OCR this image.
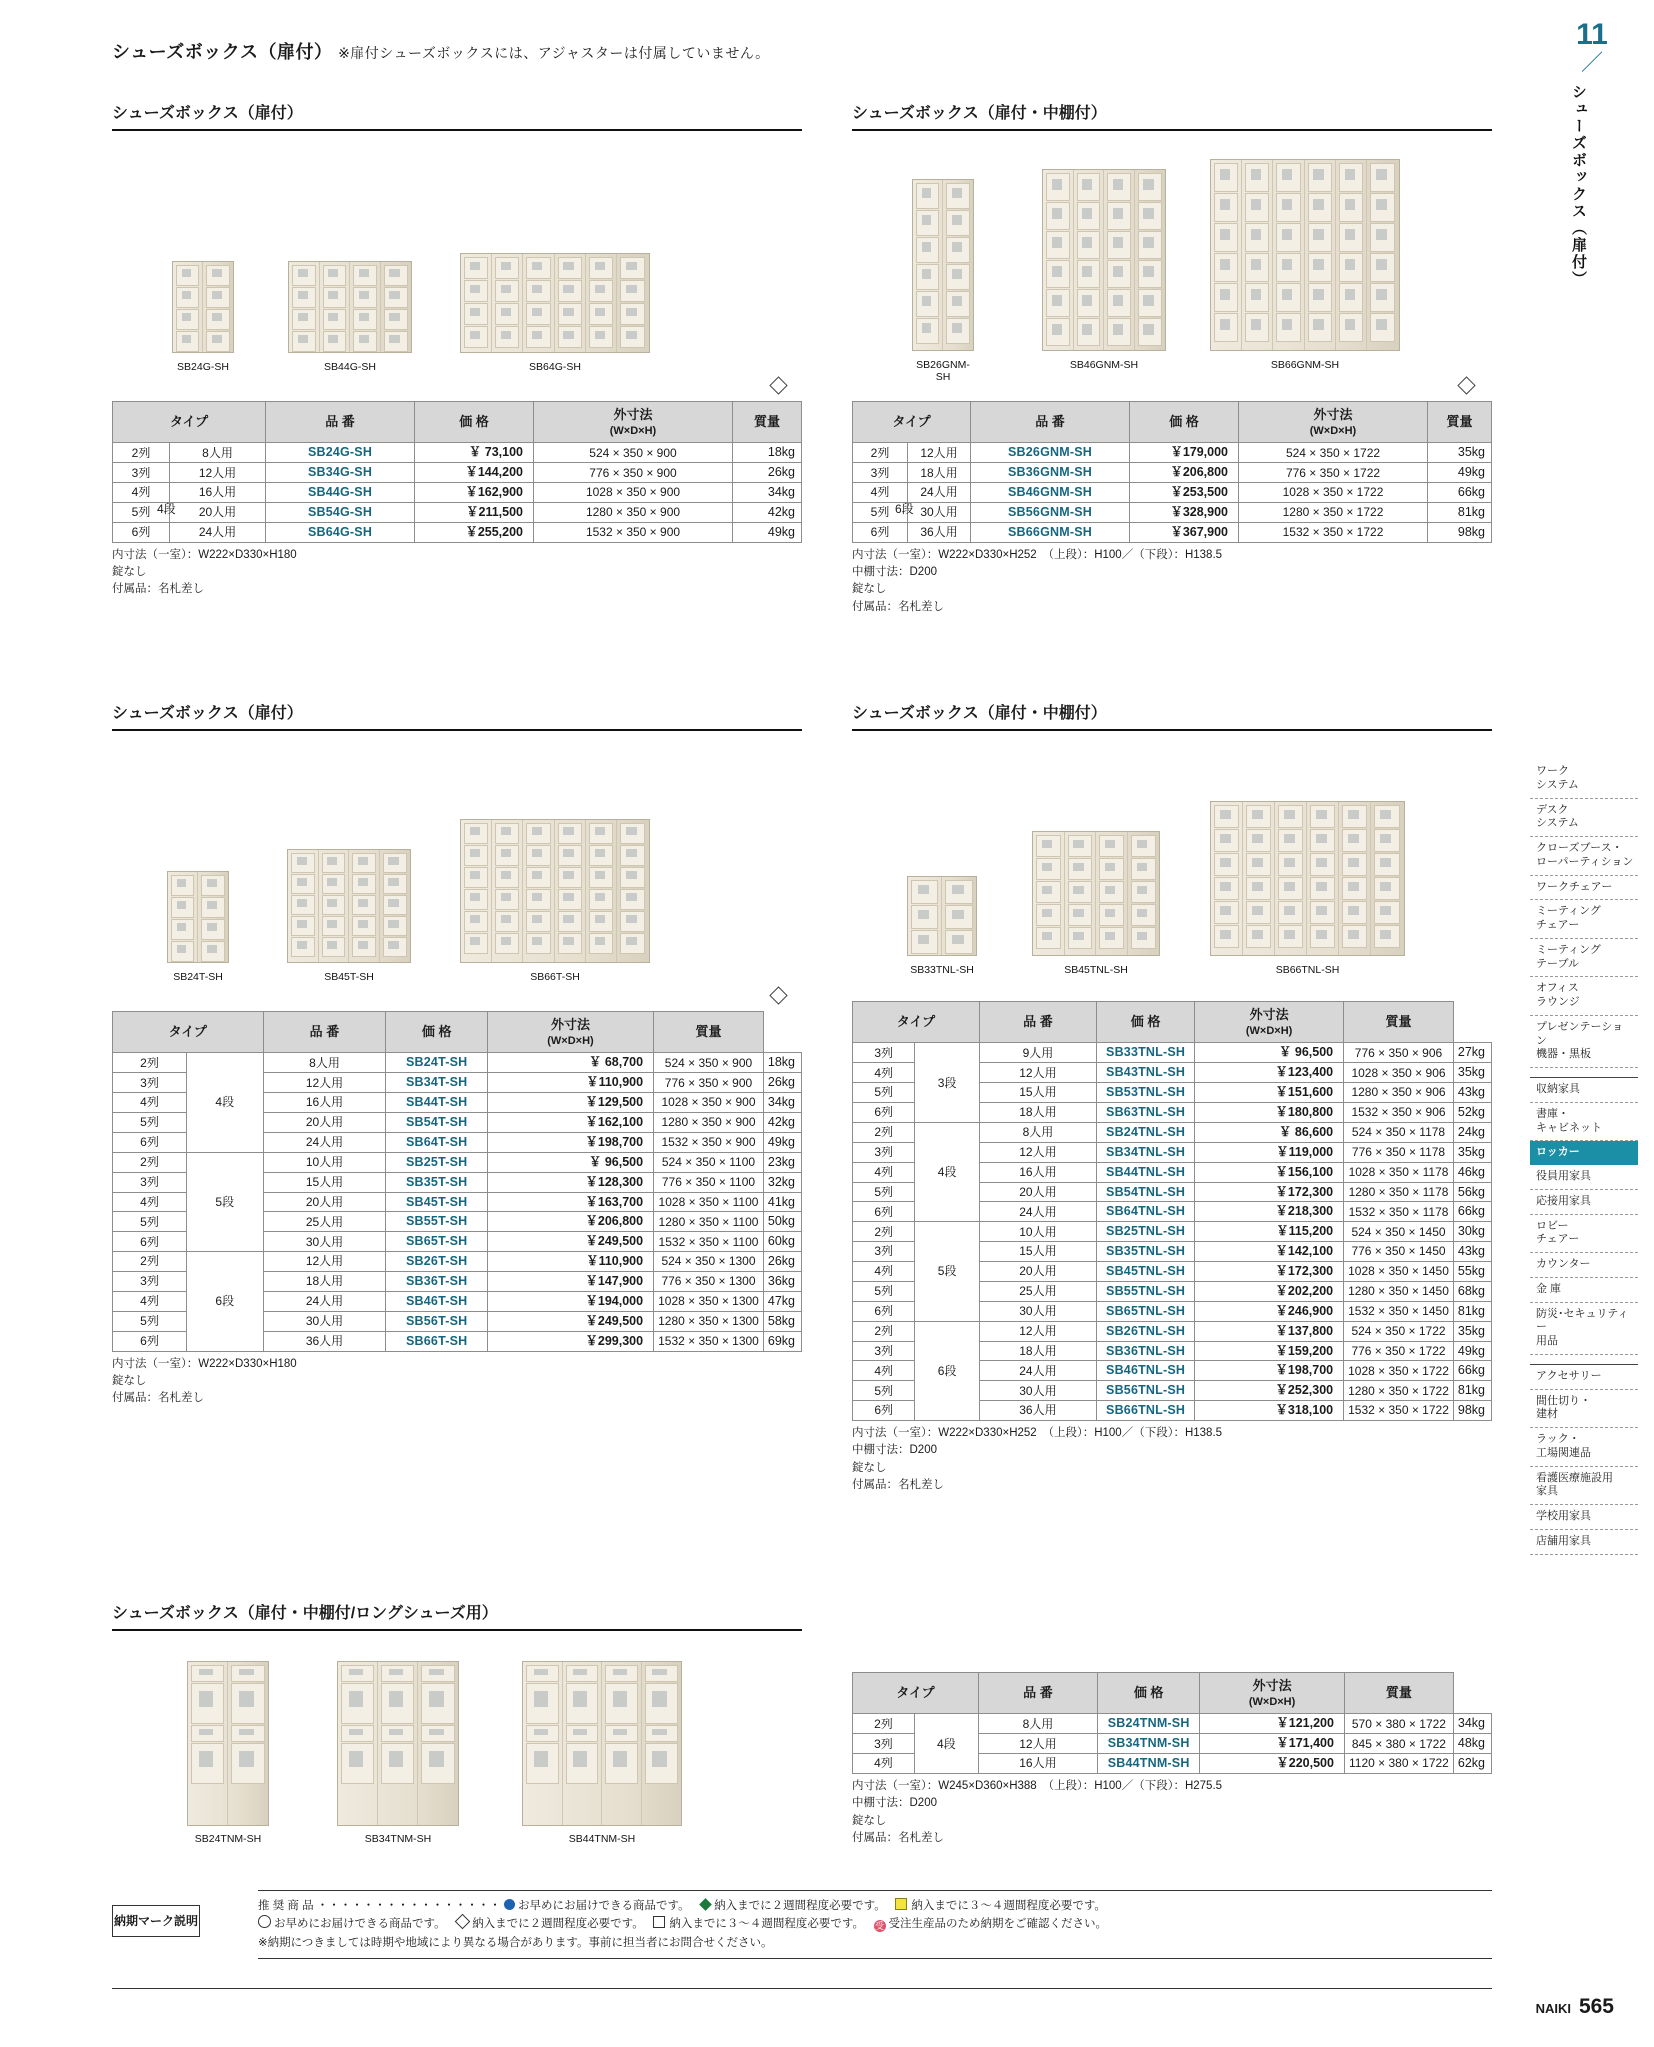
シューズボックス（扉付） ※扉付シューズボックスには、アジャスターは付属していません。
11
／
シューズボックス（扉付）
シューズボックス（扉付）
SB24G-SH	SB44G-SH	SB64G-SH
タイプ		品 番	価 格	外寸法
(W×D×H)	質量
2列	8人用	SB24G-SH	￥ 73,100	524 × 350 × 900	18kg
3列	12人用	SB34G-SH	￥144,200	776 × 350 × 900	26kg
4列	16人用	SB44G-SH	￥162,900	1028 × 350 × 900	34kg
5列	20人用	SB54G-SH	￥211,500	1280 × 350 × 900	42kg
6列	24人用	SB64G-SH	￥255,200	1532 × 350 × 900	49kg
内寸法（一室）：W222×D330×H180
錠なし
付属品：名札差し
4段
シューズボックス（扉付・中棚付）
SB26GNM-SH
SB46GNM-SH	SB66GNM-SH
タイプ		品 番	価 格	外寸法
(W×D×H)	質量
2列	12人用	SB26GNM-SH	￥179,000	524 × 350 × 1722	35kg
3列	18人用	SB36GNM-SH	￥206,800	776 × 350 × 1722	49kg
4列	24人用	SB46GNM-SH	￥253,500	1028 × 350 × 1722	66kg
5列	30人用	SB56GNM-SH	￥328,900	1280 × 350 × 1722	81kg
6列	36人用	SB66GNM-SH	￥367,900	1532 × 350 × 1722	98kg
内寸法（一室）：W222×D330×H252　（上段）：H100／（下段）：H138.5
中棚寸法：D200
錠なし
付属品：名札差し
6段
シューズボックス（扉付）
SB24T-SH	SB45T-SH	SB66T-SH
タイプ		品 番	価 格	外寸法
(W×D×H)	質量	
2列	4段	8人用	SB24T-SH	￥ 68,700	524 × 350 × 900	18kg
3列		12人用	SB34T-SH	￥110,900	776 × 350 × 900	26kg
4列		16人用	SB44T-SH	￥129,500	1028 × 350 × 900	34kg
5列		20人用	SB54T-SH	￥162,100	1280 × 350 × 900	42kg
6列		24人用	SB64T-SH	￥198,700	1532 × 350 × 900	49kg
2列	5段	10人用	SB25T-SH	￥ 96,500	524 × 350 × 1100	23kg
3列		15人用	SB35T-SH	￥128,300	776 × 350 × 1100	32kg
4列		20人用	SB45T-SH	￥163,700	1028 × 350 × 1100	41kg
5列		25人用	SB55T-SH	￥206,800	1280 × 350 × 1100	50kg
6列		30人用	SB65T-SH	￥249,500	1532 × 350 × 1100	60kg
2列	6段	12人用	SB26T-SH	￥110,900	524 × 350 × 1300	26kg
3列		18人用	SB36T-SH	￥147,900	776 × 350 × 1300	36kg
4列		24人用	SB46T-SH	￥194,000	1028 × 350 × 1300	47kg
5列		30人用	SB56T-SH	￥249,500	1280 × 350 × 1300	58kg
6列		36人用	SB66T-SH	￥299,300	1532 × 350 × 1300	69kg
内寸法（一室）：W222×D330×H180
錠なし
付属品：名札差し
シューズボックス（扉付・中棚付）
SB33TNL-SH	SB45TNL-SH	SB66TNL-SH
タイプ		品 番	価 格	外寸法
(W×D×H)	質量	
3列	3段	9人用	SB33TNL-SH	￥ 96,500	776 × 350 × 906	27kg
4列		12人用	SB43TNL-SH	￥123,400	1028 × 350 × 906	35kg
5列		15人用	SB53TNL-SH	￥151,600	1280 × 350 × 906	43kg
6列		18人用	SB63TNL-SH	￥180,800	1532 × 350 × 906	52kg
2列	4段	8人用	SB24TNL-SH	￥ 86,600	524 × 350 × 1178	24kg
3列		12人用	SB34TNL-SH	￥119,000	776 × 350 × 1178	35kg
4列		16人用	SB44TNL-SH	￥156,100	1028 × 350 × 1178	46kg
5列		20人用	SB54TNL-SH	￥172,300	1280 × 350 × 1178	56kg
6列		24人用	SB64TNL-SH	￥218,300	1532 × 350 × 1178	66kg
2列	5段	10人用	SB25TNL-SH	￥115,200	524 × 350 × 1450	30kg
3列		15人用	SB35TNL-SH	￥142,100	776 × 350 × 1450	43kg
4列		20人用	SB45TNL-SH	￥172,300	1028 × 350 × 1450	55kg
5列		25人用	SB55TNL-SH	￥202,200	1280 × 350 × 1450	68kg
6列		30人用	SB65TNL-SH	￥246,900	1532 × 350 × 1450	81kg
2列	6段	12人用	SB26TNL-SH	￥137,800	524 × 350 × 1722	35kg
3列		18人用	SB36TNL-SH	￥159,200	776 × 350 × 1722	49kg
4列		24人用	SB46TNL-SH	￥198,700	1028 × 350 × 1722	66kg
5列		30人用	SB56TNL-SH	￥252,300	1280 × 350 × 1722	81kg
6列		36人用	SB66TNL-SH	￥318,100	1532 × 350 × 1722	98kg
内寸法（一室）：W222×D330×H252　（上段）：H100／（下段）：H138.5
中棚寸法：D200
錠なし
付属品：名札差し
シューズボックス（扉付・中棚付/ロングシューズ用）
SB24TNM-SH	SB34TNM-SH	SB44TNM-SH
タイプ		品 番	価 格	外寸法
(W×D×H)	質量	
2列	4段	8人用	SB24TNM-SH	￥121,200	570 × 380 × 1722	34kg
3列		12人用	SB34TNM-SH	￥171,400	845 × 380 × 1722	48kg
4列		16人用	SB44TNM-SH	￥220,500	1120 × 380 × 1722	62kg
内寸法（一室）：W245×D360×H388　（上段）：H100／（下段）：H275.5
中棚寸法：D200
錠なし
付属品：名札差し
ワーク
システム
デスク
システム
クローズブース・
ローパーティション
ワークチェアー
ミーティング
チェアー
ミーティング
テーブル
オフィス
ラウンジ
プレゼンテーション
機器・黒板
収納家具
書庫・
キャビネット
ロッカー
役員用家具
応接用家具
ロビー
チェアー
カウンター
金 庫
防災･セキュリティー
用品
アクセサリー
間仕切り・
建材
ラック・
工場関連品
看護医療施設用
家具
学校用家具
店舗用家具
納期マーク説明
推 奨 商 品 ・・・・・・・・・・・・・・・・ お早めにお届けできる商品です。 納入までに２週間程度必要です。 納入までに３～４週間程度必要です。
お早めにお届けできる商品です。 納入までに２週間程度必要です。 納入までに３～４週間程度必要です。 受 受注生産品のため納期をご確認ください。
※納期につきましては時期や地域により異なる場合があります。事前に担当者にお問合せください。
NAIKI 565
